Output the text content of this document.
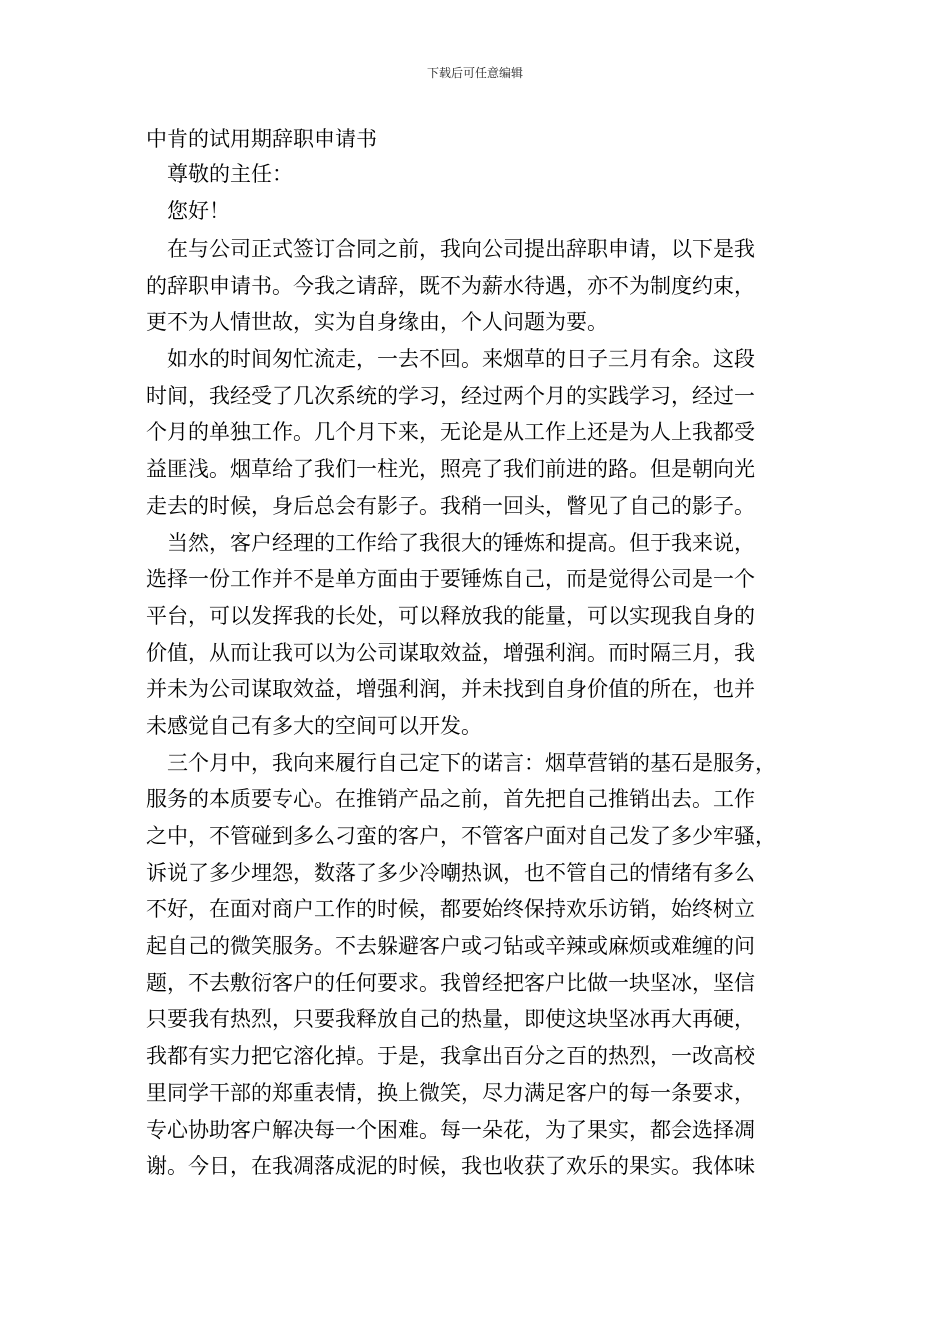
下载后可任意编辑
中肯的试用期辞职申请书
尊敬的主任：
您好！
在与公司正式签订合同之前，我向公司提出辞职申请，以下是我
的辞职申请书。今我之请辞，既不为薪水待遇，亦不为制度约束，
更不为人情世故，实为自身缘由，个人问题为要。
如水的时间匆忙流走，一去不回。来烟草的日子三月有余。这段
时间，我经受了几次系统的学习，经过两个月的实践学习，经过一
个月的单独工作。几个月下来，无论是从工作上还是为人上我都受
益匪浅。烟草给了我们一柱光，照亮了我们前进的路。但是朝向光
走去的时候，身后总会有影子。我稍一回头，瞥见了自己的影子。
当然，客户经理的工作给了我很大的锤炼和提高。但于我来说，
选择一份工作并不是单方面由于要锤炼自己，而是觉得公司是一个
平台，可以发挥我的长处，可以释放我的能量，可以实现我自身的
价值，从而让我可以为公司谋取效益，增强利润。而时隔三月，我
并未为公司谋取效益，增强利润，并未找到自身价值的所在，也并
未感觉自己有多大的空间可以开发。
三个月中，我向来履行自己定下的诺言：烟草营销的基石是服务，
服务的本质要专心。在推销产品之前，首先把自己推销出去。工作
之中，不管碰到多么刁蛮的客户，不管客户面对自己发了多少牢骚，
诉说了多少埋怨，数落了多少冷嘲热讽，也不管自己的情绪有多么
不好，在面对商户工作的时候，都要始终保持欢乐访销，始终树立
起自己的微笑服务。不去躲避客户或刁钻或辛辣或麻烦或难缠的问
题，不去敷衍客户的任何要求。我曾经把客户比做一块坚冰，坚信
只要我有热烈，只要我释放自己的热量，即使这块坚冰再大再硬，
我都有实力把它溶化掉。于是，我拿出百分之百的热烈，一改高校
里同学干部的郑重表情，换上微笑，尽力满足客户的每一条要求，
专心协助客户解决每一个困难。每一朵花，为了果实，都会选择凋
谢。今日，在我凋落成泥的时候，我也收获了欢乐的果实。我体味
